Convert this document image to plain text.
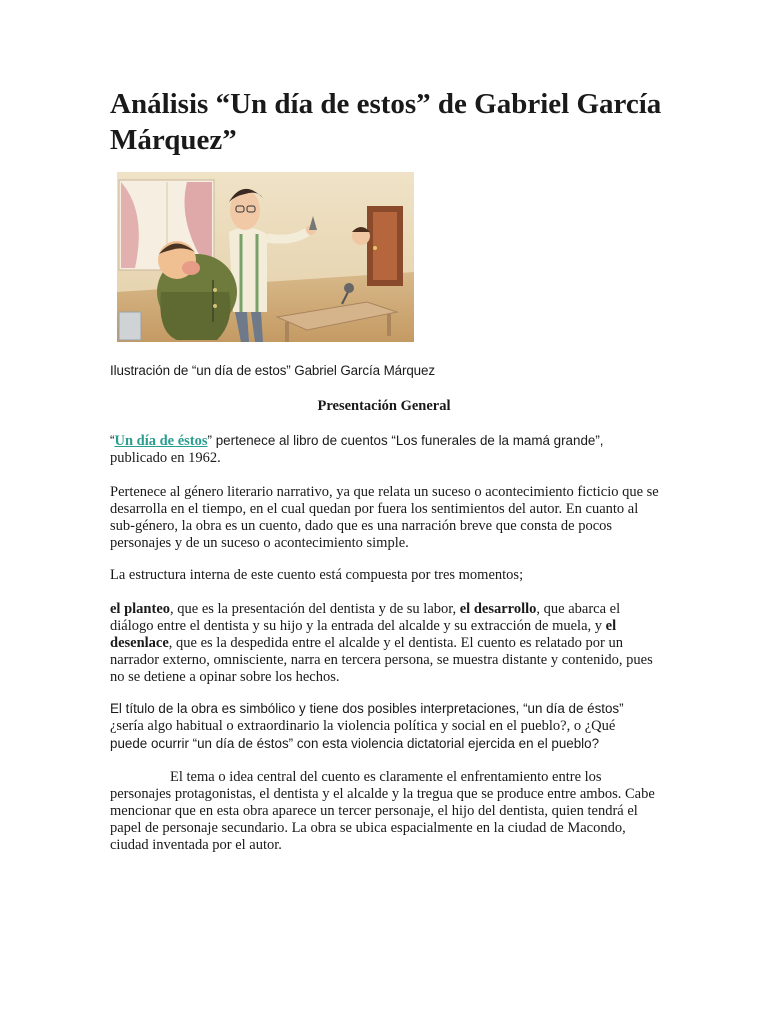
Análisis “Un día de estos” de Gabriel García Márquez”
Ilustración de “un día de estos” Gabriel García Márquez
Presentación General

“Un día de éstos” pertenece al libro de cuentos “Los funerales de la mamá grande”,
publicado en 1962.

Pertenece al género literario narrativo, ya que relata un suceso o acontecimiento ficticio que se desarrolla en el tiempo, en el cual quedan por fuera los sentimientos del autor. En cuanto al sub-género, la obra es un cuento, dado que es una narración breve que consta de pocos personajes y de un suceso o acontecimiento simple.

La estructura interna de este cuento está compuesta por tres momentos;

el planteo, que es la presentación del dentista y de su labor, el desarrollo, que abarca el diálogo entre el dentista y su hijo y la entrada del alcalde y su extracción de muela, y el desenlace, que es la despedida entre el alcalde y el dentista. El cuento es relatado por un narrador externo, omnisciente, narra en tercera persona, se muestra distante y contenido, pues no se detiene a opinar sobre los hechos.

El título de la obra es simbólico y tiene dos posibles interpretaciones, “un día de éstos”
¿sería algo habitual o extraordinario la violencia política y social en el pueblo?, o ¿Qué
puede ocurrir “un día de éstos” con esta violencia dictatorial ejercida en el pueblo?

El tema o idea central del cuento es claramente el enfrentamiento entre los personajes protagonistas, el dentista y el alcalde y la tregua que se produce entre ambos. Cabe mencionar que en esta obra aparece un tercer personaje, el hijo del dentista, quien tendrá el papel de personaje secundario. La obra se ubica espacialmente en la ciudad de Macondo, ciudad inventada por el autor.
